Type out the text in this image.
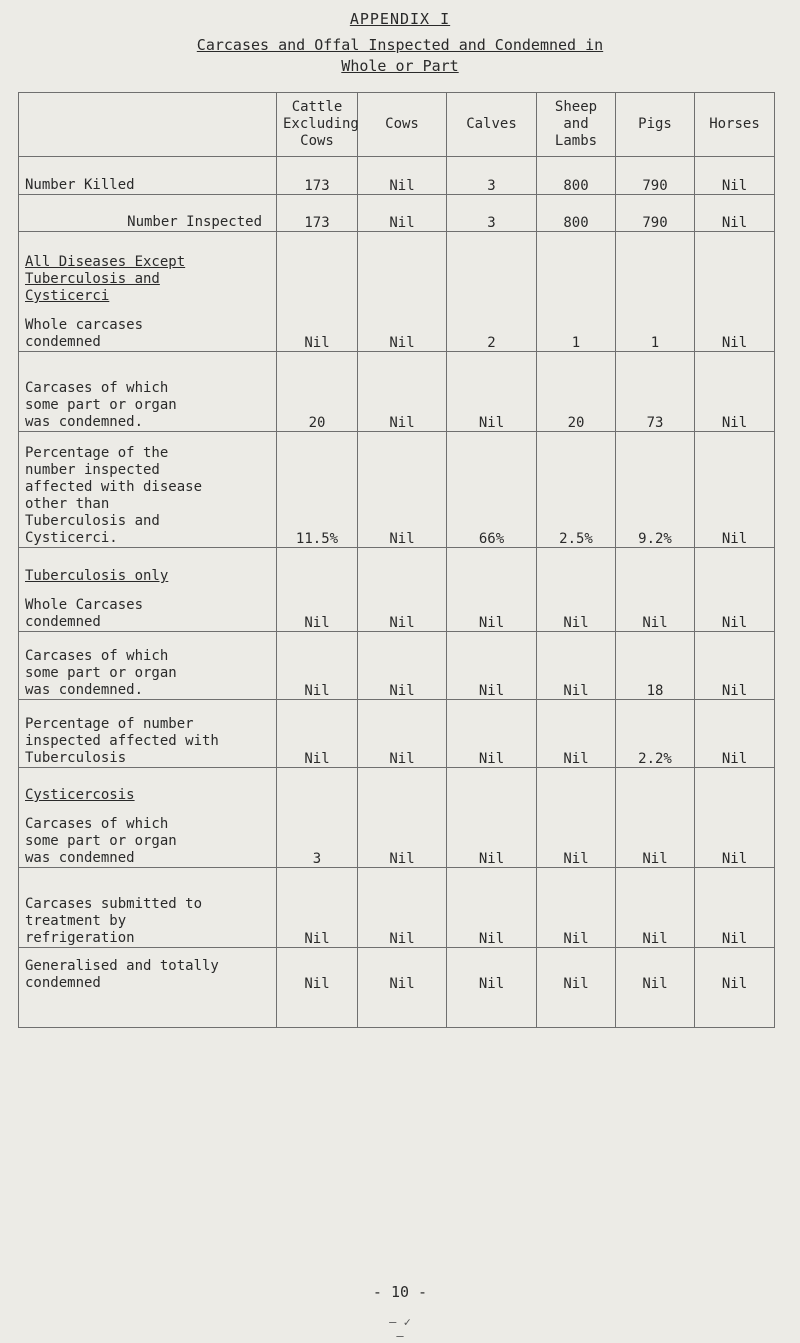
APPENDIX I
Carcases and Offal Inspected and Condemned in
Whole or Part
	Cattle Excluding Cows	Cows	Calves	Sheep and Lambs	Pigs	Horses
Number Killed	173	Nil	3	800	790	Nil
Number Inspected	173	Nil	3	800	790	Nil

All Diseases Except Tuberculosis and Cysticerci
Whole carcases condemned	Nil	Nil	2	1	1	Nil

Carcases of which some part or organ was condemned.	20	Nil	Nil	20	73	Nil

Percentage of the number inspected affected with disease other than Tuberculosis and Cysticerci.	11.5%	Nil	66%	2.5%	9.2%	Nil

Tuberculosis only
Whole Carcases condemned	Nil	Nil	Nil	Nil	Nil	Nil

Carcases of which some part or organ was condemned.	Nil	Nil	Nil	Nil	18	Nil

Percentage of number inspected affected with Tuberculosis	Nil	Nil	Nil	Nil	2.2%	Nil

Cysticercosis
Carcases of which some part or organ was condemned	3	Nil	Nil	Nil	Nil	Nil

Carcases submitted to treatment by refrigeration	Nil	Nil	Nil	Nil	Nil	Nil

Generalised and totally condemned	Nil	Nil	Nil	Nil	Nil	Nil
- 10 -
— ✓ —
